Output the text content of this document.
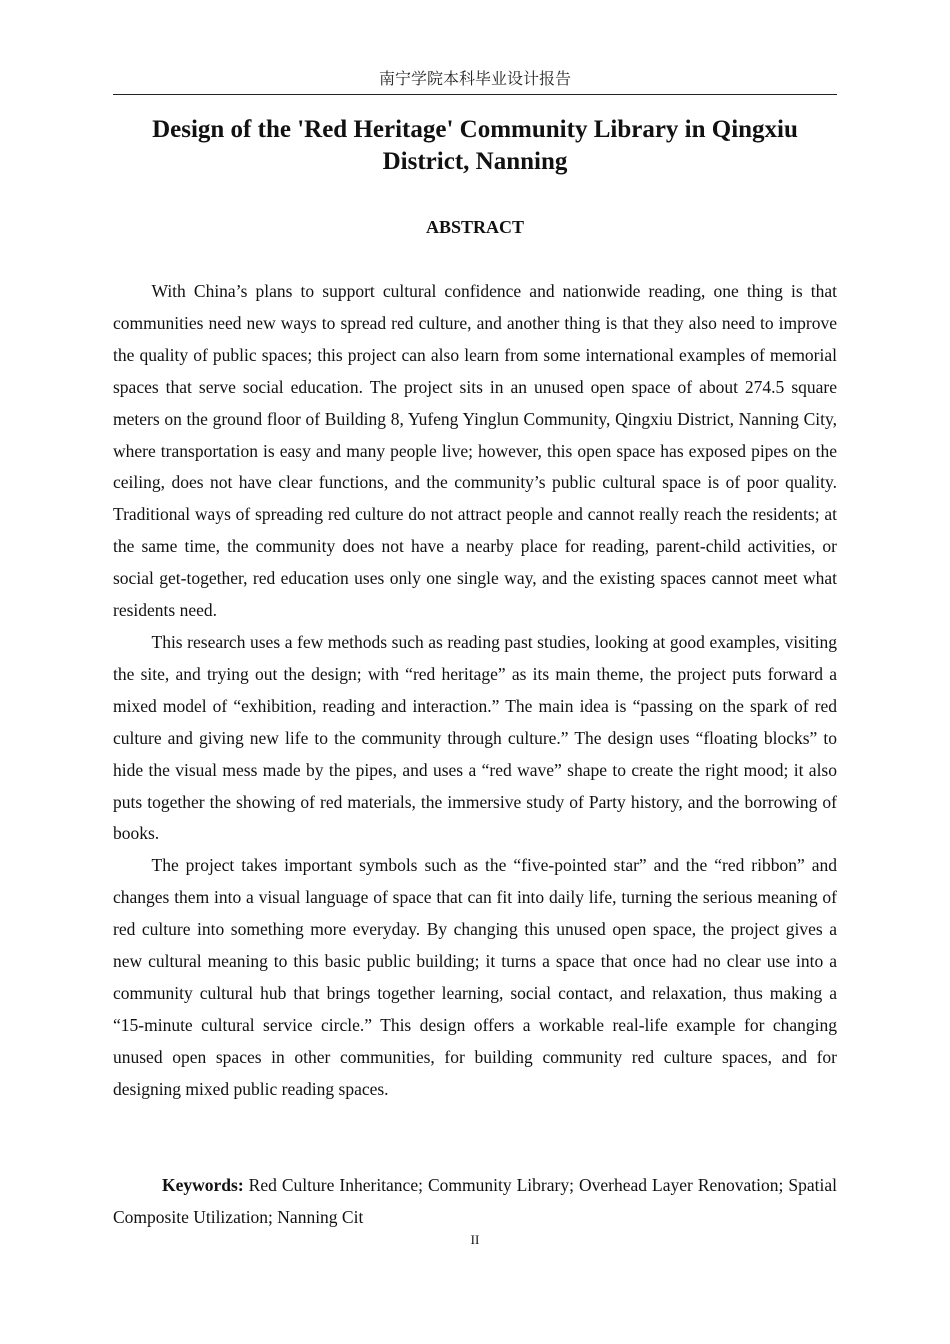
南宁学院本科毕业设计报告
Design of the 'Red Heritage' Community Library in Qingxiu
District, Nanning
ABSTRACT

With China’s plans to support cultural confidence and nationwide reading, one thing is that communities need new ways to spread red culture, and another thing is that they also need to improve the quality of public spaces; this project can also learn from some international examples of memorial spaces that serve social education. The project sits in an unused open space of about 274.5 square meters on the ground floor of Building 8, Yufeng Yinglun Community, Qingxiu District, Nanning City, where transportation is easy and many people live; however, this open space has exposed pipes on the ceiling, does not have clear functions, and the community’s public cultural space is of poor quality. Traditional ways of spreading red culture do not attract people and cannot really reach the residents; at the same time, the community does not have a nearby place for reading, parent-child activities, or social get-together, red education uses only one single way, and the existing spaces cannot meet what residents need.

This research uses a few methods such as reading past studies, looking at good examples, visiting the site, and trying out the design; with “red heritage” as its main theme, the project puts forward a mixed model of “exhibition, reading and interaction.” The main idea is “passing on the spark of red culture and giving new life to the community through culture.” The design uses “floating blocks” to hide the visual mess made by the pipes, and uses a “red wave” shape to create the right mood; it also puts together the showing of red materials, the immersive study of Party history, and the borrowing of books.

The project takes important symbols such as the “five-pointed star” and the “red ribbon” and changes them into a visual language of space that can fit into daily life, turning the serious meaning of red culture into something more everyday. By changing this unused open space, the project gives a new cultural meaning to this basic public building; it turns a space that once had no clear use into a community cultural hub that brings together learning, social contact, and relaxation, thus making a “15-minute cultural service circle.” This design offers a workable real-life example for changing unused open spaces in other communities, for building community red culture spaces, and for designing mixed public reading spaces.

Keywords: Red Culture Inheritance; Community Library; Overhead Layer Renovation; Spatial Composite Utilization; Nanning Cit

II
